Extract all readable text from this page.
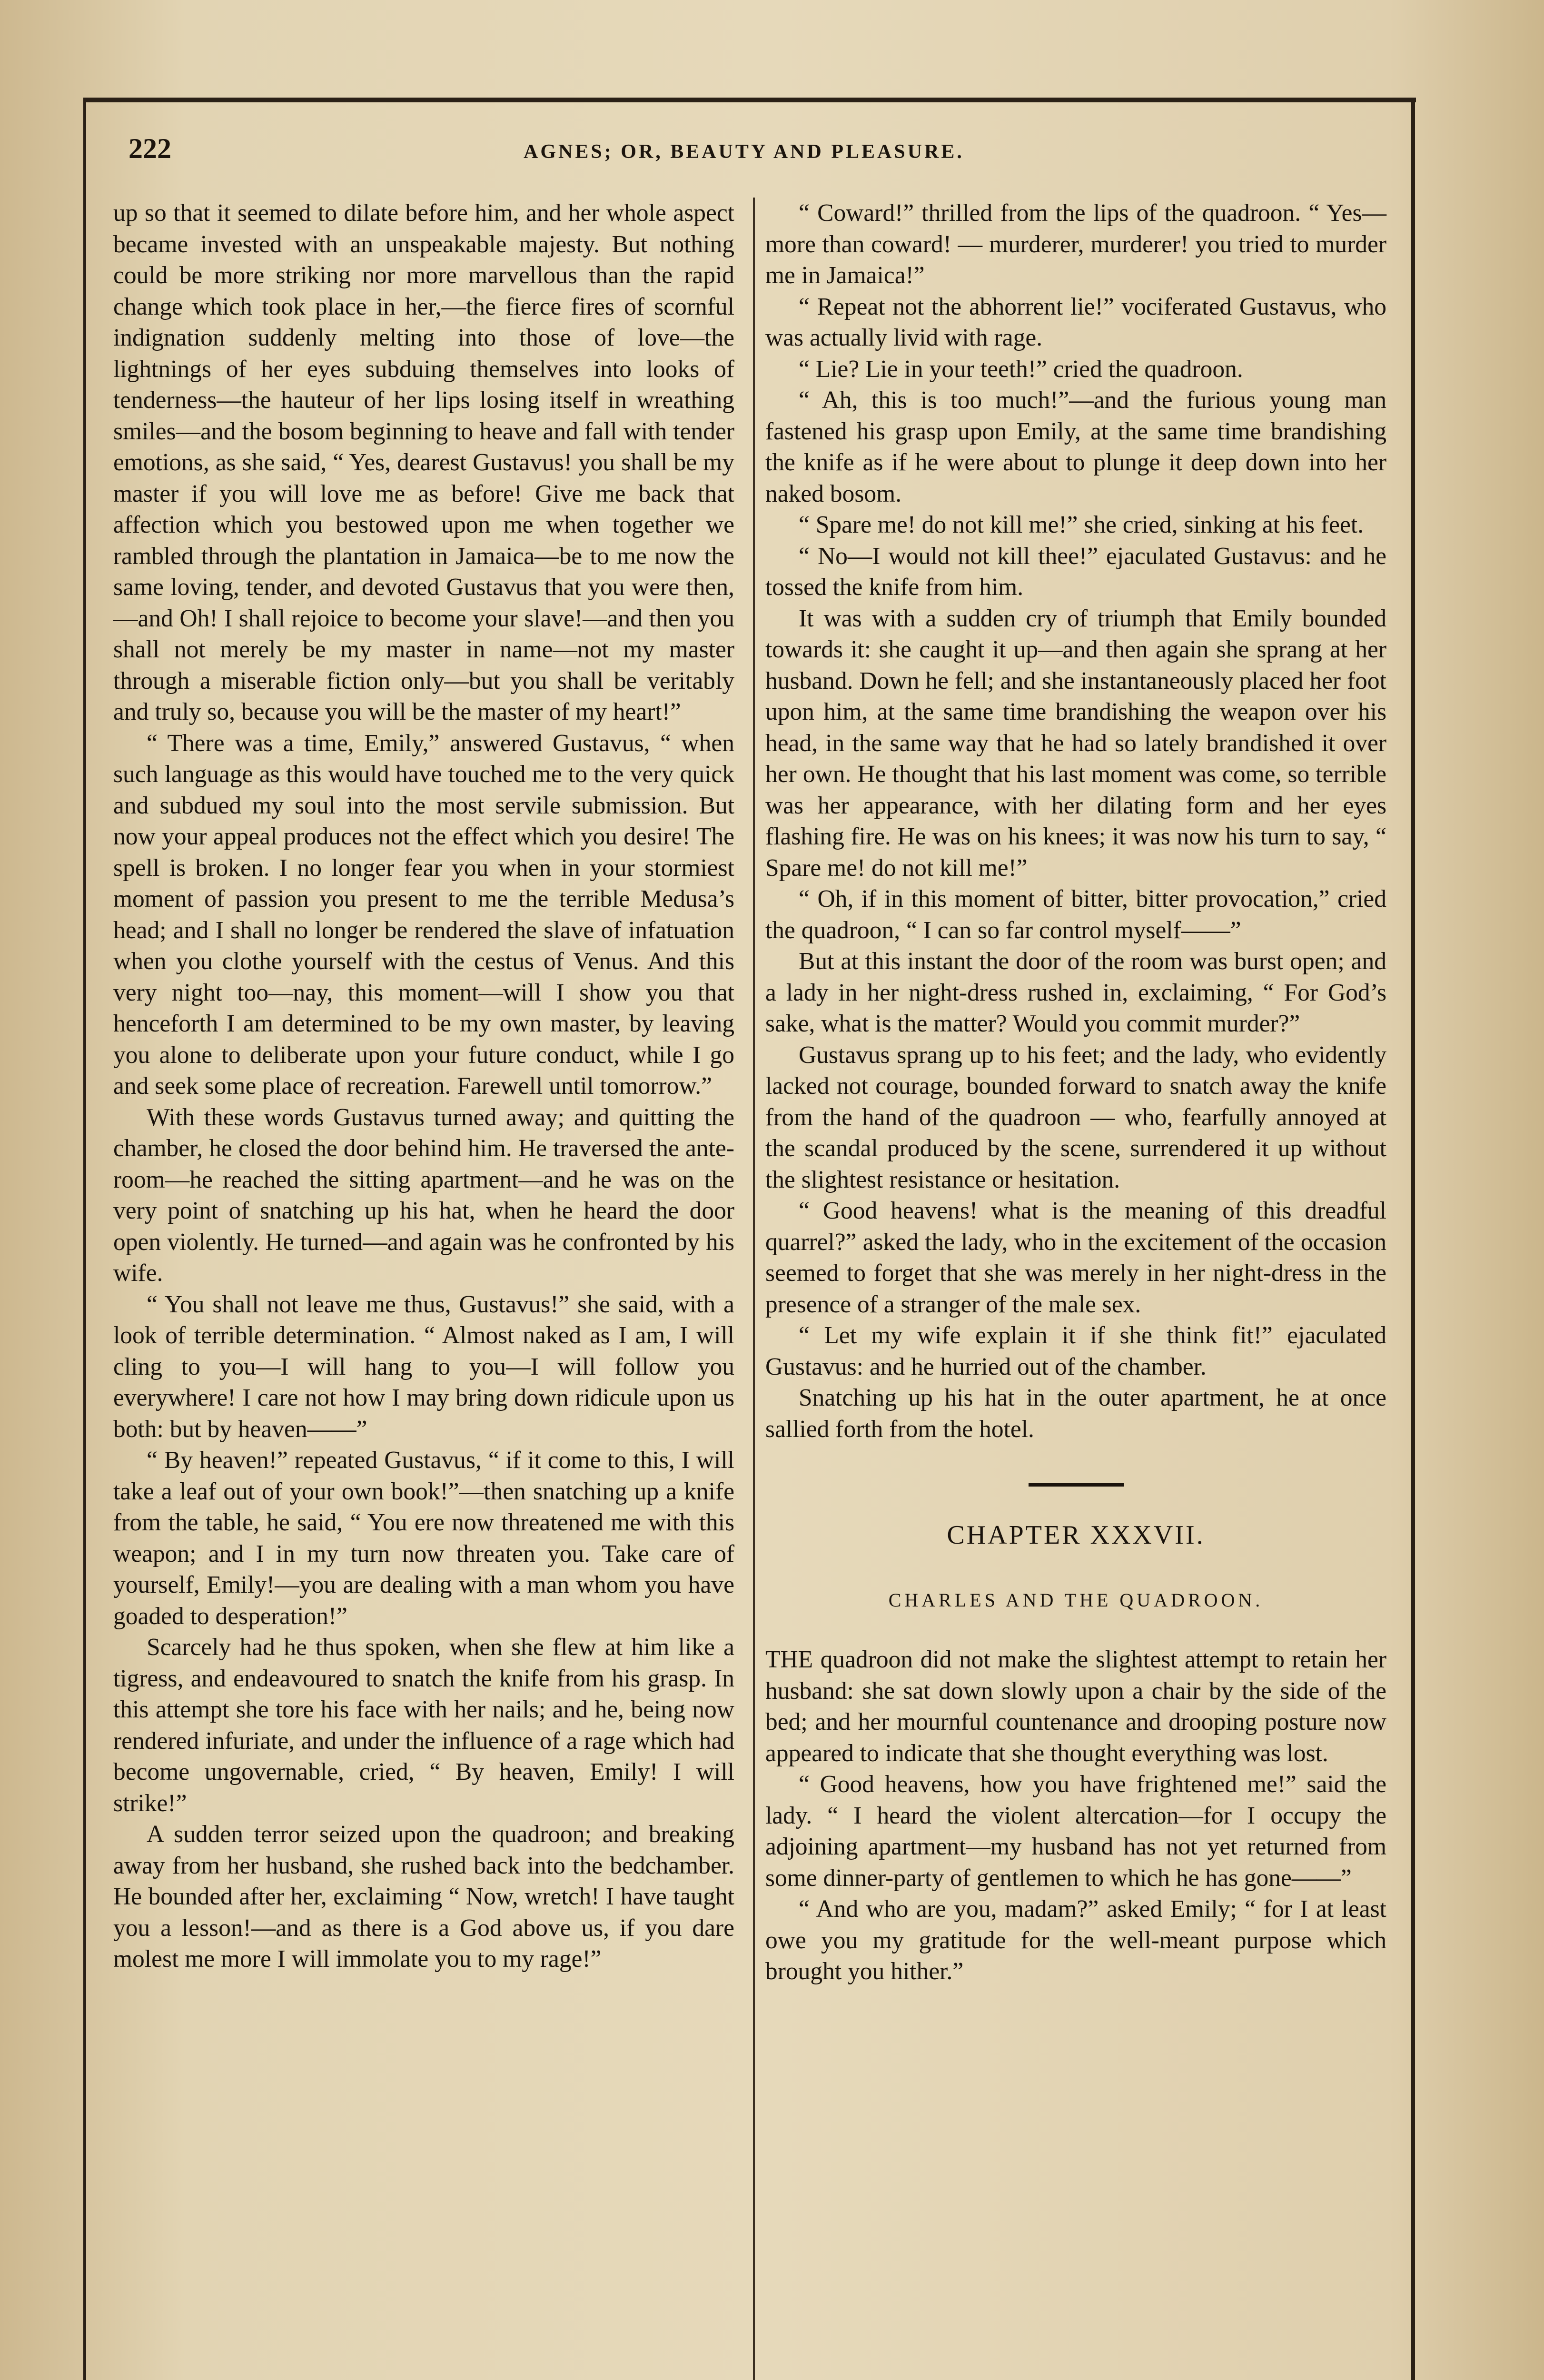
222	AGNES; OR, BEAUTY AND PLEASURE.

up so that it seemed to dilate before him, and her whole aspect became invested with an unspeakable majesty. But nothing could be more striking nor more marvellous than the rapid change which took place in her,—the fierce fires of scornful indignation suddenly melting into those of love—the lightnings of her eyes subduing themselves into looks of tenderness—the hauteur of her lips losing itself in wreathing smiles—and the bosom beginning to heave and fall with tender emotions, as she said, “ Yes, dearest Gustavus! you shall be my master if you will love me as before! Give me back that affection which you bestowed upon me when together we rambled through the plantation in Jamaica—be to me now the same loving, tender, and devoted Gustavus that you were then,—and Oh! I shall rejoice to become your slave!—and then you shall not merely be my master in name—not my master through a miserable fiction only—but you shall be veritably and truly so, because you will be the master of my heart!”

“ There was a time, Emily,” answered Gustavus, “ when such language as this would have touched me to the very quick and subdued my soul into the most servile submission. But now your appeal produces not the effect which you desire! The spell is broken. I no longer fear you when in your stormiest moment of passion you present to me the terrible Medusa’s head; and I shall no longer be rendered the slave of infatuation when you clothe yourself with the cestus of Venus. And this very night too—nay, this moment—will I show you that henceforth I am determined to be my own master, by leaving you alone to deliberate upon your future conduct, while I go and seek some place of recreation. Farewell until tomorrow.”

With these words Gustavus turned away; and quitting the chamber, he closed the door behind him. He traversed the ante-room—he reached the sitting apartment—and he was on the very point of snatching up his hat, when he heard the door open violently. He turned—and again was he confronted by his wife.

“ You shall not leave me thus, Gustavus!” she said, with a look of terrible determination. “ Almost naked as I am, I will cling to you—I will hang to you—I will follow you everywhere! I care not how I may bring down ridicule upon us both: but by heaven——”

“ By heaven!” repeated Gustavus, “ if it come to this, I will take a leaf out of your own book!”—then snatching up a knife from the table, he said, “ You ere now threatened me with this weapon; and I in my turn now threaten you. Take care of yourself, Emily!—you are dealing with a man whom you have goaded to desperation!”

Scarcely had he thus spoken, when she flew at him like a tigress, and endeavoured to snatch the knife from his grasp. In this attempt she tore his face with her nails; and he, being now rendered infuriate, and under the influence of a rage which had become ungovernable, cried, “ By heaven, Emily! I will strike!”

A sudden terror seized upon the quadroon; and breaking away from her husband, she rushed back into the bedchamber. He bounded after her, exclaiming “ Now, wretch! I have taught you a lesson!—and as there is a God above us, if you dare molest me more I will immolate you to my rage!”

“ Coward!” thrilled from the lips of the quadroon. “ Yes—more than coward! — murderer, murderer! you tried to murder me in Jamaica!”

“ Repeat not the abhorrent lie!” vociferated Gustavus, who was actually livid with rage.

“ Lie? Lie in your teeth!” cried the quadroon.

“ Ah, this is too much!”—and the furious young man fastened his grasp upon Emily, at the same time brandishing the knife as if he were about to plunge it deep down into her naked bosom.

“ Spare me! do not kill me!” she cried, sinking at his feet.

“ No—I would not kill thee!” ejaculated Gustavus: and he tossed the knife from him.

It was with a sudden cry of triumph that Emily bounded towards it: she caught it up—and then again she sprang at her husband. Down he fell; and she instantaneously placed her foot upon him, at the same time brandishing the weapon over his head, in the same way that he had so lately brandished it over her own. He thought that his last moment was come, so terrible was her appearance, with her dilating form and her eyes flashing fire. He was on his knees; it was now his turn to say, “ Spare me! do not kill me!”

“ Oh, if in this moment of bitter, bitter provocation,” cried the quadroon, “ I can so far control myself——”

But at this instant the door of the room was burst open; and a lady in her night-dress rushed in, exclaiming, “ For God’s sake, what is the matter? Would you commit murder?”

Gustavus sprang up to his feet; and the lady, who evidently lacked not courage, bounded forward to snatch away the knife from the hand of the quadroon — who, fearfully annoyed at the scandal produced by the scene, surrendered it up without the slightest resistance or hesitation.

“ Good heavens! what is the meaning of this dreadful quarrel?” asked the lady, who in the excitement of the occasion seemed to forget that she was merely in her night-dress in the presence of a stranger of the male sex.

“ Let my wife explain it if she think fit!” ejaculated Gustavus: and he hurried out of the chamber.

Snatching up his hat in the outer apartment, he at once sallied forth from the hotel.

CHAPTER XXXVII.
CHARLES AND THE QUADROON.

THE quadroon did not make the slightest attempt to retain her husband: she sat down slowly upon a chair by the side of the bed; and her mournful countenance and drooping posture now appeared to indicate that she thought everything was lost.

“ Good heavens, how you have frightened me!” said the lady. “ I heard the violent altercation—for I occupy the adjoining apartment—my husband has not yet returned from some dinner-party of gentlemen to which he has gone——”

“ And who are you, madam?” asked Emily; “ for I at least owe you my gratitude for the well-meant purpose which brought you hither.”
